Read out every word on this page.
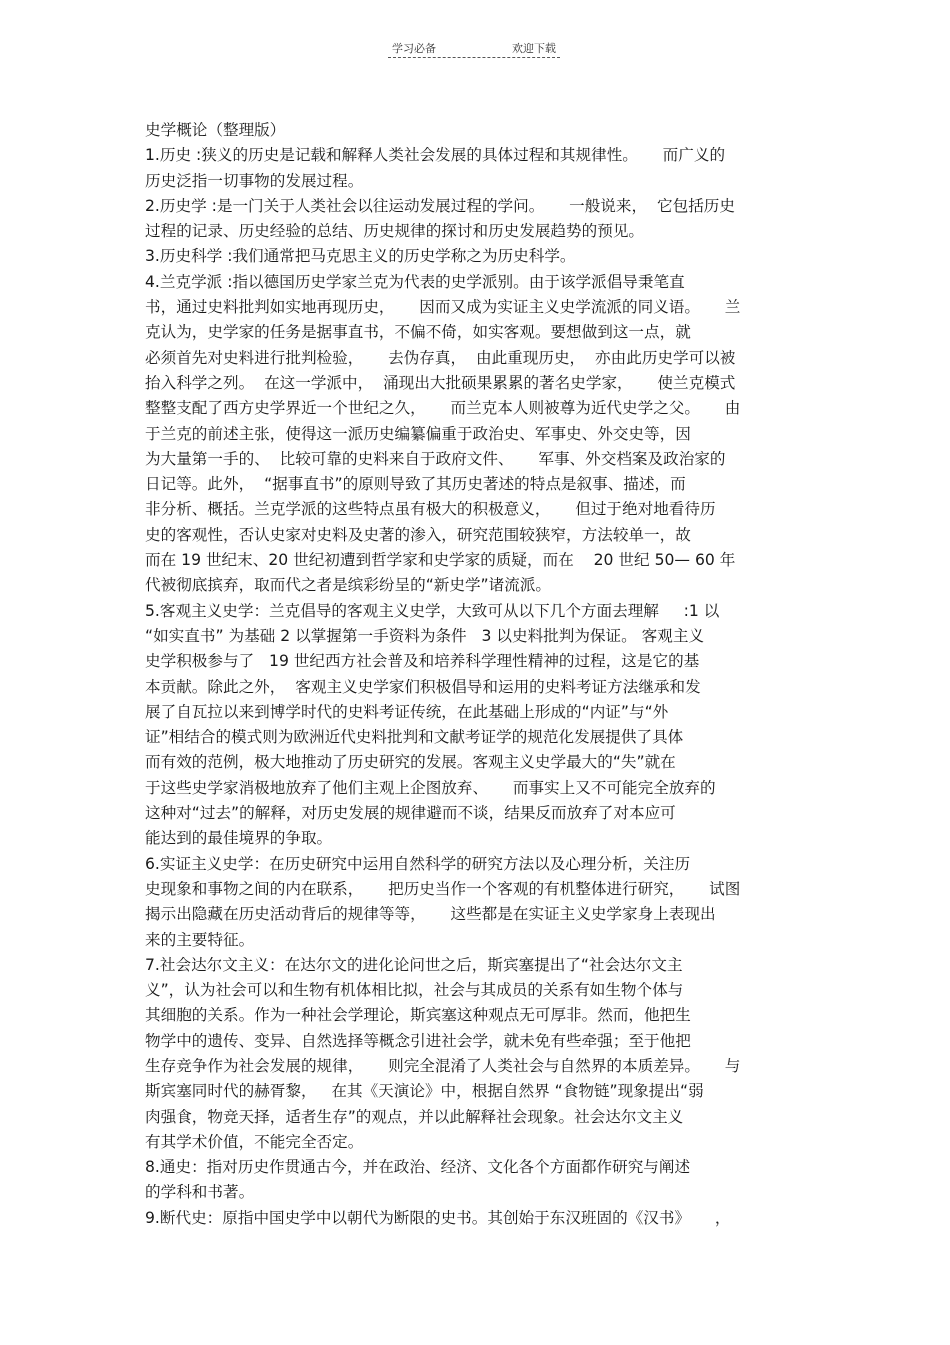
学习必备	欢迎下载
史学概论（整理版）
1.历史 :狭义的历史是记载和解释人类社会发展的具体过程和其规律性。     而广义的
历史泛指一切事物的发展过程。
2.历史学 :是一门关于人类社会以往运动发展过程的学问。     一般说来，  它包括历史
过程的记录、历史经验的总结、历史规律的探讨和历史发展趋势的预见。
3.历史科学 :我们通常把马克思主义的历史学称之为历史科学。
4.兰克学派 :指以德国历史学家兰克为代表的史学派别。由于该学派倡导秉笔直
书，通过史料批判如实地再现历史，     因而又成为实证主义史学流派的同义语。     兰
克认为，史学家的任务是据事直书，不偏不倚，如实客观。要想做到这一点，就
必须首先对史料进行批判检验，     去伪存真，  由此重现历史，  亦由此历史学可以被
抬入科学之列。  在这一学派中，  涌现出大批硕果累累的著名史学家，     使兰克模式
整整支配了西方史学界近一个世纪之久，     而兰克本人则被尊为近代史学之父。     由
于兰克的前述主张，使得这一派历史编纂偏重于政治史、军事史、外交史等，因
为大量第一手的、  比较可靠的史料来自于政府文件、     军事、外交档案及政治家的
日记等。此外，  “据事直书”的原则导致了其历史著述的特点是叙事、描述，而
非分析、概括。兰克学派的这些特点虽有极大的积极意义，     但过于绝对地看待历
史的客观性，否认史家对史料及史著的渗入，研究范围较狭窄，方法较单一，故
而在 19 世纪末、20 世纪初遭到哲学家和史学家的质疑，而在    20 世纪 50— 60 年
代被彻底摈弃，取而代之者是缤彩纷呈的“新史学”诸流派。
5.客观主义史学：兰克倡导的客观主义史学，大致可从以下几个方面去理解     :1 以
“如实直书” 为基础 2 以掌握第一手资料为条件   3 以史料批判为保证。 客观主义
史学积极参与了   19 世纪西方社会普及和培养科学理性精神的过程，这是它的基
本贡献。除此之外，  客观主义史学家们积极倡导和运用的史料考证方法继承和发
展了自瓦拉以来到博学时代的史料考证传统，在此基础上形成的“内证”与“外
证”相结合的模式则为欧洲近代史料批判和文献考证学的规范化发展提供了具体
而有效的范例，极大地推动了历史研究的发展。客观主义史学最大的“失”就在
于这些史学家消极地放弃了他们主观上企图放弃、     而事实上又不可能完全放弃的
这种对“过去”的解释，对历史发展的规律避而不谈，结果反而放弃了对本应可
能达到的最佳境界的争取。
6.实证主义史学：在历史研究中运用自然科学的研究方法以及心理分析，关注历
史现象和事物之间的内在联系，     把历史当作一个客观的有机整体进行研究，     试图
揭示出隐藏在历史活动背后的规律等等，     这些都是在实证主义史学家身上表现出
来的主要特征。
7.社会达尔文主义：在达尔文的进化论问世之后，斯宾塞提出了“社会达尔文主
义”，认为社会可以和生物有机体相比拟，社会与其成员的关系有如生物个体与
其细胞的关系。作为一种社会学理论，斯宾塞这种观点无可厚非。然而，他把生
物学中的遗传、变异、自然选择等概念引进社会学，就未免有些牵强；至于他把
生存竞争作为社会发展的规律，     则完全混淆了人类社会与自然界的本质差异。     与
斯宾塞同时代的赫胥黎，   在其《天演论》中，根据自然界 “食物链”现象提出“弱
肉强食，物竞天择，适者生存”的观点，并以此解释社会现象。社会达尔文主义
有其学术价值，不能完全否定。
8.通史：指对历史作贯通古今，并在政治、经济、文化各个方面都作研究与阐述
的学科和书著。
9.断代史：原指中国史学中以朝代为断限的史书。其创始于东汉班固的《汉书》     ，
